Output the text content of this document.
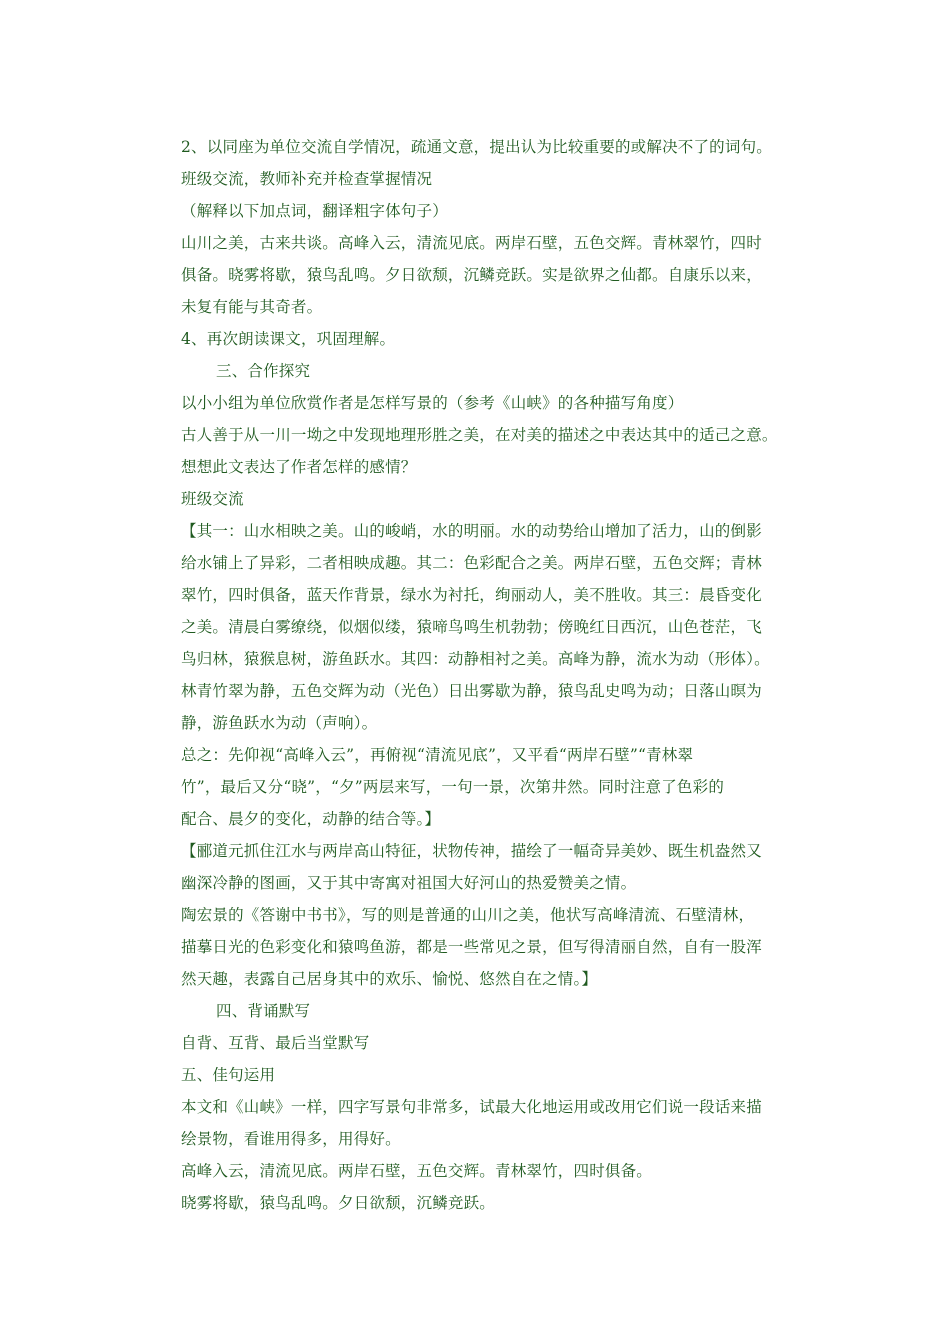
2、以同座为单位交流自学情况，疏通文意，提出认为比较重要的或解决不了的词句。
班级交流，教师补充并检查掌握情况
（解释以下加点词，翻译粗字体句子）
山川之美，古来共谈。高峰入云，清流见底。两岸石壁，五色交辉。青林翠竹，四时
俱备。晓雾将歇，猿鸟乱鸣。夕日欲颓，沉鳞竞跃。实是欲界之仙都。自康乐以来，
未复有能与其奇者。
4、再次朗读课文，巩固理解。
三、合作探究
以小小组为单位欣赏作者是怎样写景的（参考《山峡》的各种描写角度）
古人善于从一川一坳之中发现地理形胜之美，在对美的描述之中表达其中的适己之意。
想想此文表达了作者怎样的感情？
班级交流
【其一：山水相映之美。山的峻峭，水的明丽。水的动势给山增加了活力，山的倒影
给水铺上了异彩，二者相映成趣。其二：色彩配合之美。两岸石壁，五色交辉；青林
翠竹，四时俱备，蓝天作背景，绿水为衬托，绚丽动人，美不胜收。其三：晨昏变化
之美。清晨白雾缭绕，似烟似缕，猿啼鸟鸣生机勃勃；傍晚红日西沉，山色苍茫，飞
鸟归林，猿猴息树，游鱼跃水。其四：动静相衬之美。高峰为静，流水为动（形体）。
林青竹翠为静，五色交辉为动（光色）日出雾歇为静，猿鸟乱史鸣为动；日落山暝为
静，游鱼跃水为动（声响）。
总之：先仰视“高峰入云”，再俯视“清流见底”，又平看“两岸石壁”“青林翠
竹”，最后又分“晓”，“夕”两层来写，一句一景，次第井然。同时注意了色彩的
配合、晨夕的变化，动静的结合等。】
【郦道元抓住江水与两岸高山特征，状物传神，描绘了一幅奇异美妙、既生机盎然又
幽深冷静的图画，又于其中寄寓对祖国大好河山的热爱赞美之情。
陶宏景的《答谢中书书》，写的则是普通的山川之美，他状写高峰清流、石壁清林，
描摹日光的色彩变化和猿鸣鱼游，都是一些常见之景，但写得清丽自然，自有一股浑
然天趣，表露自己居身其中的欢乐、愉悦、悠然自在之情。】
四、背诵默写
自背、互背、最后当堂默写
五、佳句运用
本文和《山峡》一样，四字写景句非常多，试最大化地运用或改用它们说一段话来描
绘景物，看谁用得多，用得好。
高峰入云，清流见底。两岸石壁，五色交辉。青林翠竹，四时俱备。
晓雾将歇，猿鸟乱鸣。夕日欲颓，沉鳞竞跃。
